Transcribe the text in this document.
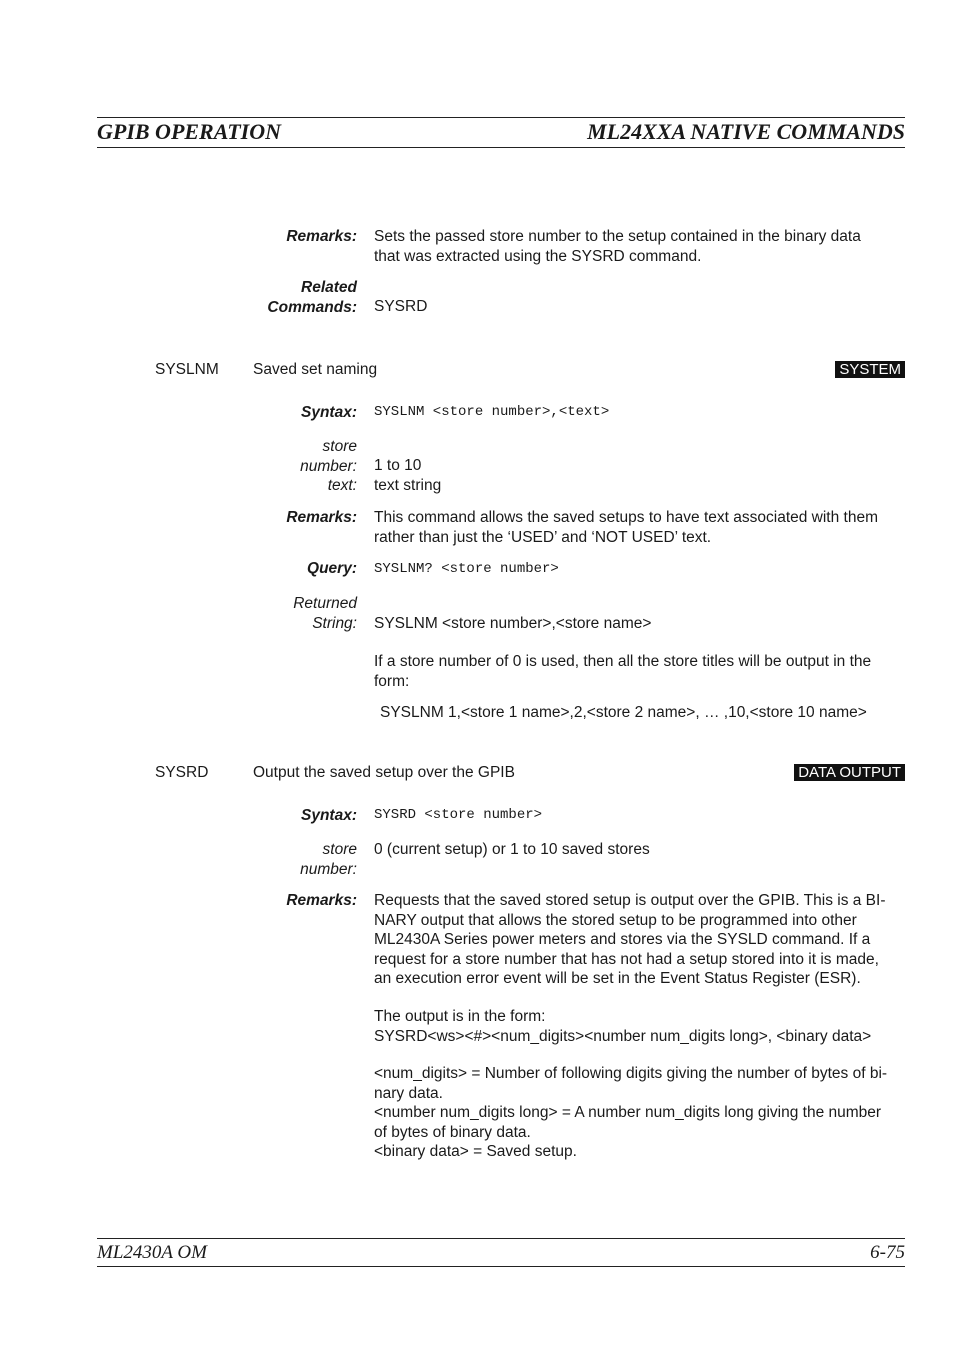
GPIB OPERATION	ML24XXA NATIVE COMMANDS
Remarks: Sets the passed store number to the setup contained in the binary data
that was extracted using the SYSRD command.
Related
Commands: SYSRD
SYSLNM Saved set naming	SYSTEM
Syntax: SYSLNM <store number>,<text>
store
number: 1 to 10
text: text string
Remarks: This command allows the saved setups to have text associated with them
rather than just the ‘USED’ and ‘NOT USED’ text.
Query: SYSLNM? <store number>
Returned
String: SYSLNM <store number>,<store name>
If a store number of 0 is used, then all the store titles will be output in the
form:
SYSLNM 1,<store 1 name>,2,<store 2 name>, … ,10,<store 10 name>
SYSRD	Output the saved setup over the GPIB	DATA OUTPUT
Syntax: SYSRD <store number>
store
number:
0 (current setup) or 1 to 10 saved stores
Remarks: Requests that the saved stored setup is output over the GPIB. This is a BI-
NARY output that allows the stored setup to be programmed into other
ML2430A Series power meters and stores via the SYSLD command. If a
request for a store number that has not had a setup stored into it is made,
an execution error event will be set in the Event Status Register (ESR).
The output is in the form:
SYSRD<ws><#><num_digits><number num_digits long>, <binary data>
<num_digits> = Number of following digits giving the number of bytes of bi-
nary data.
<number num_digits long> = A number num_digits long giving the number
of bytes of binary data.
<binary data> = Saved setup.
ML2430A OM	6-75
